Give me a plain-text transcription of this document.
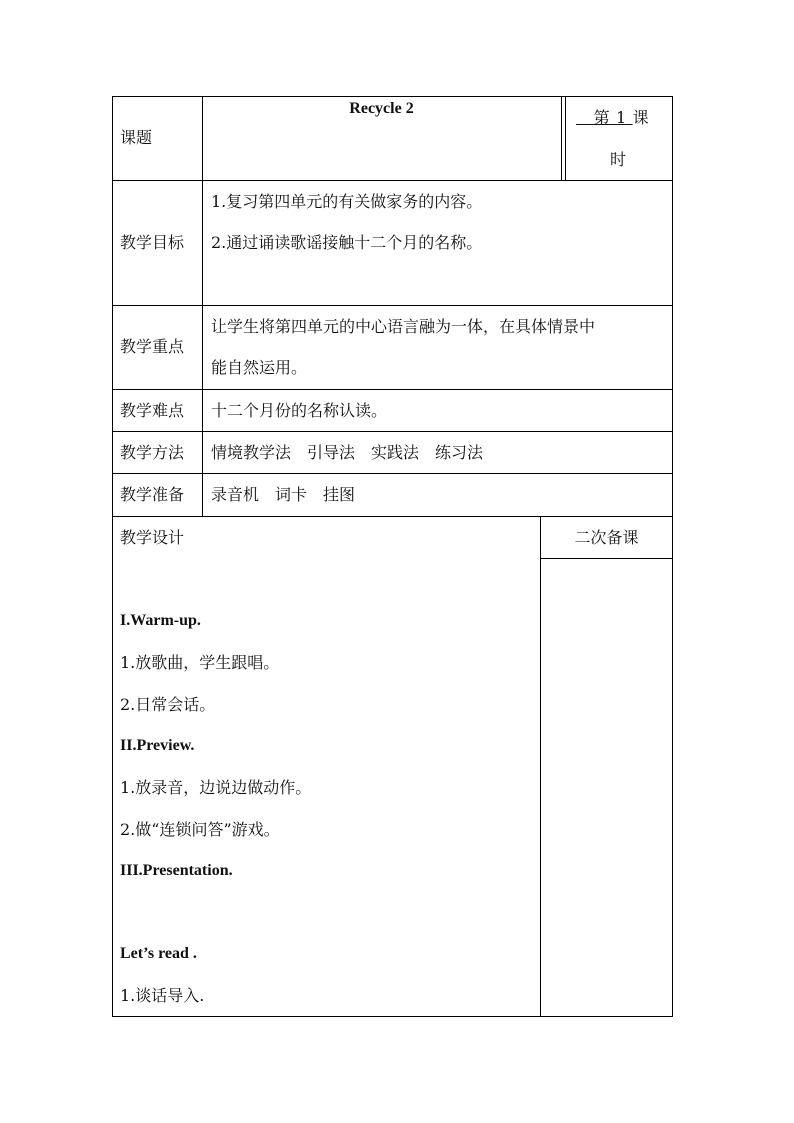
课题
Recycle 2
　 	第   1   课
时
教学目标
1.复习第四单元的有关做家务的内容。
2.通过诵读歌谣接触十二个月的名称。
教学重点
让学生将第四单元的中心语言融为一体，在具体情景中
能自然运用。
教学难点 十二个月份的名称认读。
教学方法 情境教学法　引导法　实践法　练习法
教学准备 录音机　词卡　挂图
教学设计	二次备课
I.Warm-up.
1.放歌曲，学生跟唱。
2.日常会话。
II.Preview.
1.放录音，边说边做动作。
2.做“连锁问答”游戏。
III.Presentation.
Let’s read .
1.谈话导入.
